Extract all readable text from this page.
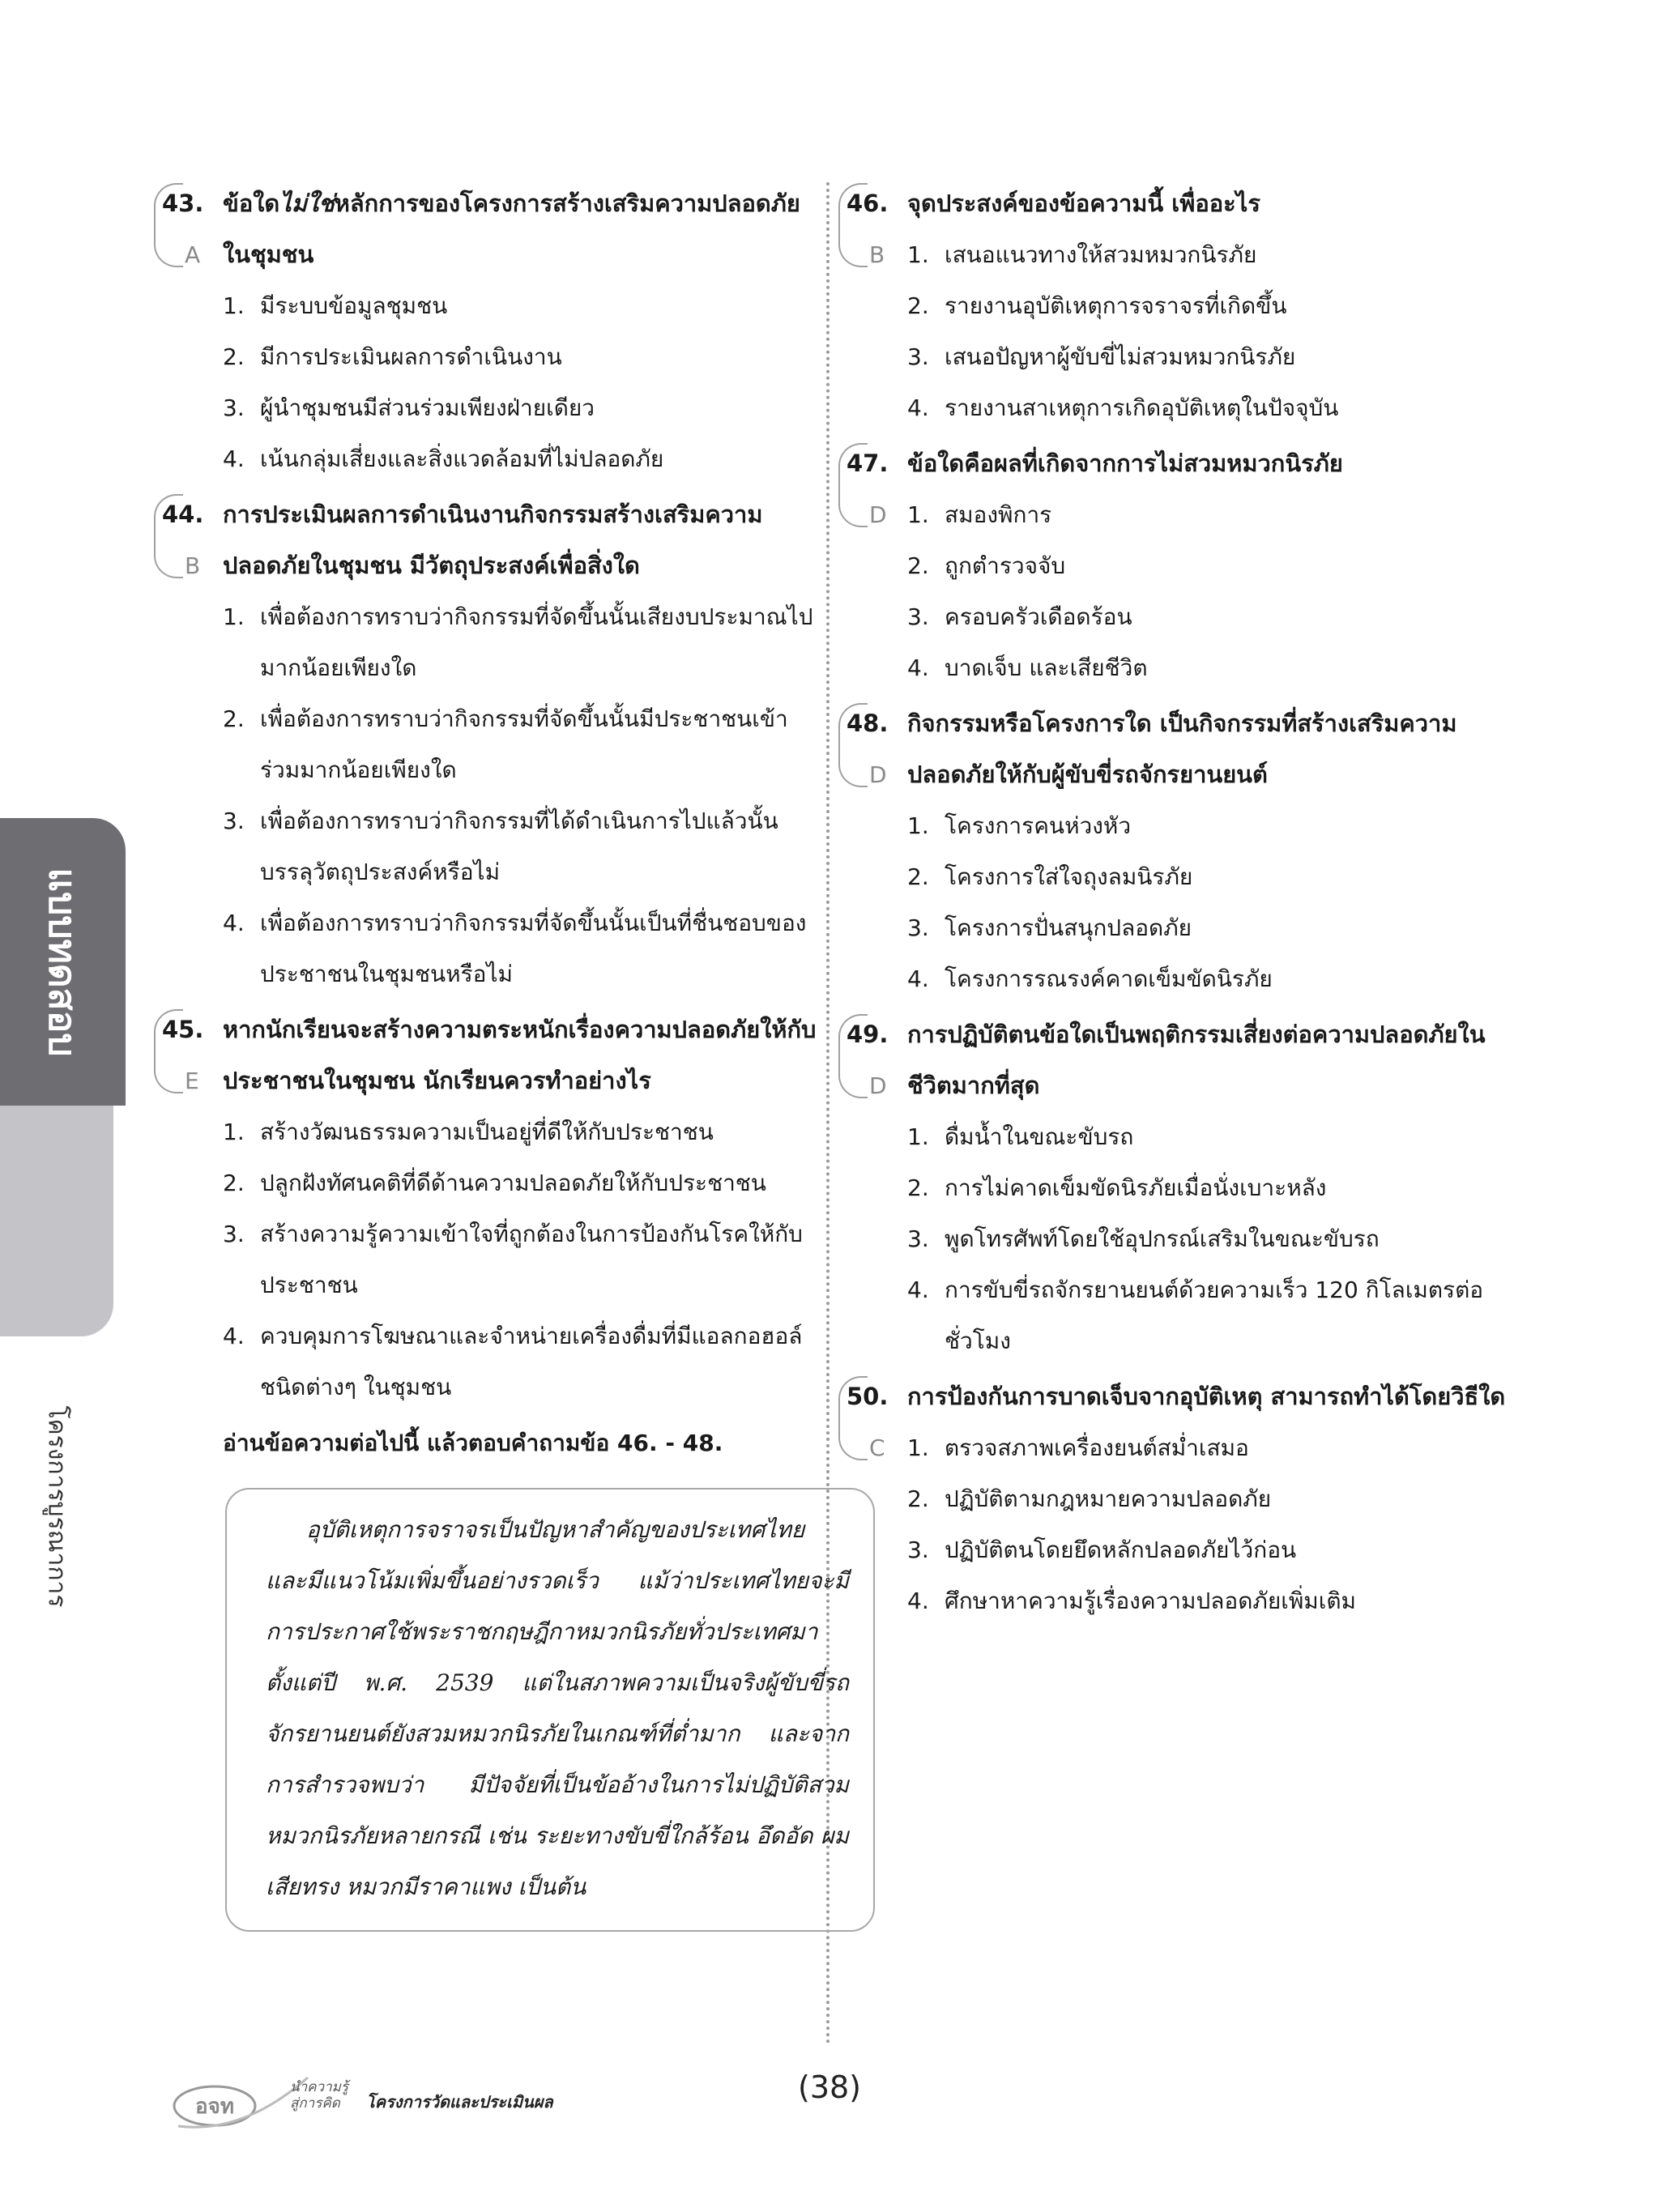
แบบทดสอบ
โครงการบูรณาการ
43.
A
ข้อใดไม่ใช่หลักการของโครงการสร้างเสริมความปลอดภัยในชุมชน
1. มีระบบข้อมูลชุมชน
2. มีการประเมินผลการดำเนินงาน
3. ผู้นำชุมชนมีส่วนร่วมเพียงฝ่ายเดียว
4. เน้นกลุ่มเสี่ยงและสิ่งแวดล้อมที่ไม่ปลอดภัย
44.
B
การประเมินผลการดำเนินงานกิจกรรมสร้างเสริมความปลอดภัยในชุมชน มีวัตถุประสงค์เพื่อสิ่งใด
1. เพื่อต้องการทราบว่ากิจกรรมที่จัดขึ้นนั้นเสียงบประมาณไปมากน้อยเพียงใด
2. เพื่อต้องการทราบว่ากิจกรรมที่จัดขึ้นนั้นมีประชาชนเข้าร่วมมากน้อยเพียงใด
3. เพื่อต้องการทราบว่ากิจกรรมที่ได้ดำเนินการไปแล้วนั้นบรรลุวัตถุประสงค์หรือไม่
4. เพื่อต้องการทราบว่ากิจกรรมที่จัดขึ้นนั้นเป็นที่ชื่นชอบของประชาชนในชุมชนหรือไม่
45.
E
หากนักเรียนจะสร้างความตระหนักเรื่องความปลอดภัยให้กับประชาชนในชุมชน นักเรียนควรทำอย่างไร
1. สร้างวัฒนธรรมความเป็นอยู่ที่ดีให้กับประชาชน
2. ปลูกฝังทัศนคติที่ดีด้านความปลอดภัยให้กับประชาชน
3. สร้างความรู้ความเข้าใจที่ถูกต้องในการป้องกันโรคให้กับประชาชน
4. ควบคุมการโฆษณาและจำหน่ายเครื่องดื่มที่มีแอลกอฮอล์ชนิดต่างๆ ในชุมชน
อ่านข้อความต่อไปนี้ แล้วตอบคำถามข้อ 46. - 48.

อุบัติเหตุการจราจรเป็นปัญหาสำคัญของประเทศไทย และมีแนวโน้มเพิ่มขึ้นอย่างรวดเร็ว แม้ว่าประเทศไทยจะมีการประกาศใช้พระราชกฤษฎีกาหมวกนิรภัยทั่วประเทศมาตั้งแต่ปี พ.ศ. 2539 แต่ในสภาพความเป็นจริงผู้ขับขี่รถจักรยานยนต์ยังสวมหมวกนิรภัยในเกณฑ์ที่ต่ำมาก และจากการสำรวจพบว่า มีปัจจัยที่เป็นข้ออ้างในการไม่ปฏิบัติสวมหมวกนิรภัยหลายกรณี เช่น ระยะทางขับขี่ใกล้ร้อน อึดอัด ผมเสียทรง หมวกมีราคาแพง เป็นต้น

46.
B
จุดประสงค์ของข้อความนี้ เพื่ออะไร
1. เสนอแนวทางให้สวมหมวกนิรภัย
2. รายงานอุบัติเหตุการจราจรที่เกิดขึ้น
3. เสนอปัญหาผู้ขับขี่ไม่สวมหมวกนิรภัย
4. รายงานสาเหตุการเกิดอุบัติเหตุในปัจจุบัน
47.
D
ข้อใดคือผลที่เกิดจากการไม่สวมหมวกนิรภัย
1. สมองพิการ
2. ถูกตำรวจจับ
3. ครอบครัวเดือดร้อน
4. บาดเจ็บ และเสียชีวิต
48.
D
กิจกรรมหรือโครงการใด เป็นกิจกรรมที่สร้างเสริมความปลอดภัยให้กับผู้ขับขี่รถจักรยานยนต์
1. โครงการคนห่วงหัว
2. โครงการใส่ใจถุงลมนิรภัย
3. โครงการปั่นสนุกปลอดภัย
4. โครงการรณรงค์คาดเข็มขัดนิรภัย
49.
D
การปฏิบัติตนข้อใดเป็นพฤติกรรมเสี่ยงต่อความปลอดภัยในชีวิตมากที่สุด
1. ดื่มน้ำในขณะขับรถ
2. การไม่คาดเข็มขัดนิรภัยเมื่อนั่งเบาะหลัง
3. พูดโทรศัพท์โดยใช้อุปกรณ์เสริมในขณะขับรถ
4. การขับขี่รถจักรยานยนต์ด้วยความเร็ว 120 กิโลเมตรต่อชั่วโมง
50.
C
การป้องกันการบาดเจ็บจากอุบัติเหตุ สามารถทำได้โดยวิธีใด
1. ตรวจสภาพเครื่องยนต์สม่ำเสมอ
2. ปฏิบัติตามกฎหมายความปลอดภัย
3. ปฏิบัติตนโดยยึดหลักปลอดภัยไว้ก่อน
4. ศึกษาหาความรู้เรื่องความปลอดภัยเพิ่มเติม
อจท
นำความรู้
สู่การคิด	โครงการวัดและประเมินผล	(38)
